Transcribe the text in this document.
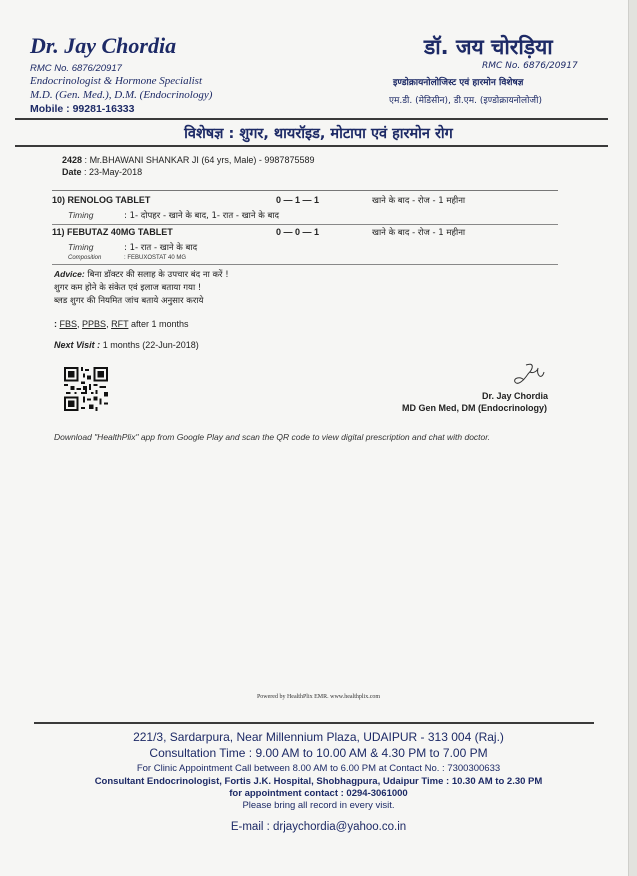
Dr. Jay Chordia
RMC No. 6876/20917
Endocrinologist & Hormone Specialist
M.D. (Gen. Med.), D.M. (Endocrinology)
Mobile : 99281-16333
डॉ. जय चोरड़िया
RMC No. 6876/20917
इण्डोक्रायनोलोजिस्ट एवं हारमोन विशेषज्ञ
एम.डी. (मेडिसीन), डी.एम. (इण्डोक्रायनोलोजी)
विशेषज्ञ : शुगर, थायरॉइड, मोटापा एवं हारमोन रोग
2428 : Mr.BHAWANI SHANKAR JI (64 yrs, Male) - 9987875589
Date : 23-May-2018
10) RENOLOG TABLET	0 — 1 — 1	खाने के बाद - रोज - 1 महीना
Timing	: 1- दोपहर - खाने के बाद, 1- रात - खाने के बाद
11) FEBUTAZ 40MG TABLET	0 — 0 — 1	खाने के बाद - रोज - 1 महीना
Timing	: 1- रात - खाने के बाद
Composition	: FEBUXOSTAT 40 MG
Advice: बिना डॉक्टर की सलाह के उपचार बंद ना करें !
शुगर कम होने के संकेत एवं इलाज बताया गया !
ब्लड शुगर की नियमित जांच बताये अनुसार कराये
: FBS, PPBS, RFT after 1 months
Next Visit : 1 months (22-Jun-2018)
Dr. Jay Chordia
MD Gen Med, DM (Endocrinology)
Download "HealthPlix" app from Google Play and scan the QR code to view digital prescription and chat with doctor.
Powered by HealthPlix EMR. www.healthplix.com
221/3, Sardarpura, Near Millennium Plaza, UDAIPUR - 313 004 (Raj.)
Consultation Time : 9.00 AM to 10.00 AM & 4.30 PM to 7.00 PM
For Clinic Appointment Call between 8.00 AM to 6.00 PM at Contact No. : 7300300633
Consultant Endocrinologist, Fortis J.K. Hospital, Shobhagpura, Udaipur Time : 10.30 AM to 2.30 PM
for appointment contact : 0294-3061000
Please bring all record in every visit.
E-mail : drjaychordia@yahoo.co.in
